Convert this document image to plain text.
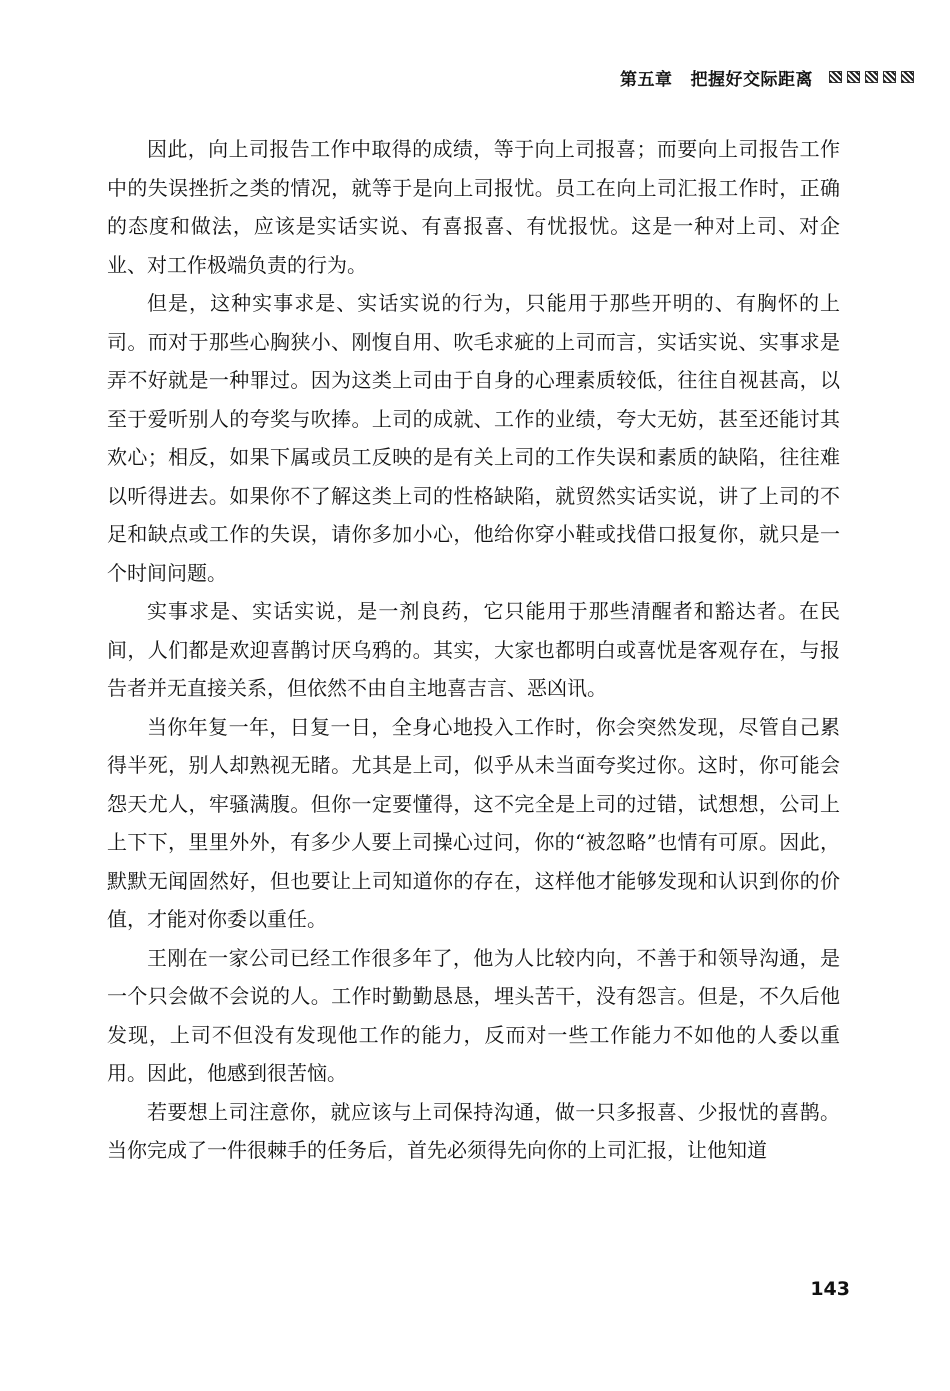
第五章 把握好交际距离

因此，向上司报告工作中取得的成绩，等于向上司报喜；而要向上司报告工作中的失误挫折之类的情况，就等于是向上司报忧。员工在向上司汇报工作时，正确的态度和做法，应该是实话实说、有喜报喜、有忧报忧。这是一种对上司、对企业、对工作极端负责的行为。

但是，这种实事求是、实话实说的行为，只能用于那些开明的、有胸怀的上司。而对于那些心胸狭小、刚愎自用、吹毛求疵的上司而言，实话实说、实事求是弄不好就是一种罪过。因为这类上司由于自身的心理素质较低，往往自视甚高，以至于爱听别人的夸奖与吹捧。上司的成就、工作的业绩，夸大无妨，甚至还能讨其欢心；相反，如果下属或员工反映的是有关上司的工作失误和素质的缺陷，往往难以听得进去。如果你不了解这类上司的性格缺陷，就贸然实话实说，讲了上司的不足和缺点或工作的失误，请你多加小心，他给你穿小鞋或找借口报复你，就只是一个时间问题。

实事求是、实话实说，是一剂良药，它只能用于那些清醒者和豁达者。在民间，人们都是欢迎喜鹊讨厌乌鸦的。其实，大家也都明白或喜忧是客观存在，与报告者并无直接关系，但依然不由自主地喜吉言、恶凶讯。

当你年复一年，日复一日，全身心地投入工作时，你会突然发现，尽管自己累得半死，别人却熟视无睹。尤其是上司，似乎从未当面夸奖过你。这时，你可能会怨天尤人，牢骚满腹。但你一定要懂得，这不完全是上司的过错，试想想，公司上上下下，里里外外，有多少人要上司操心过问，你的“被忽略”也情有可原。因此，默默无闻固然好，但也要让上司知道你的存在，这样他才能够发现和认识到你的价值，才能对你委以重任。

王刚在一家公司已经工作很多年了，他为人比较内向，不善于和领导沟通，是一个只会做不会说的人。工作时勤勤恳恳，埋头苦干，没有怨言。但是，不久后他发现，上司不但没有发现他工作的能力，反而对一些工作能力不如他的人委以重用。因此，他感到很苦恼。

若要想上司注意你，就应该与上司保持沟通，做一只多报喜、少报忧的喜鹊。当你完成了一件很棘手的任务后，首先必须得先向你的上司汇报，让他知道

143
